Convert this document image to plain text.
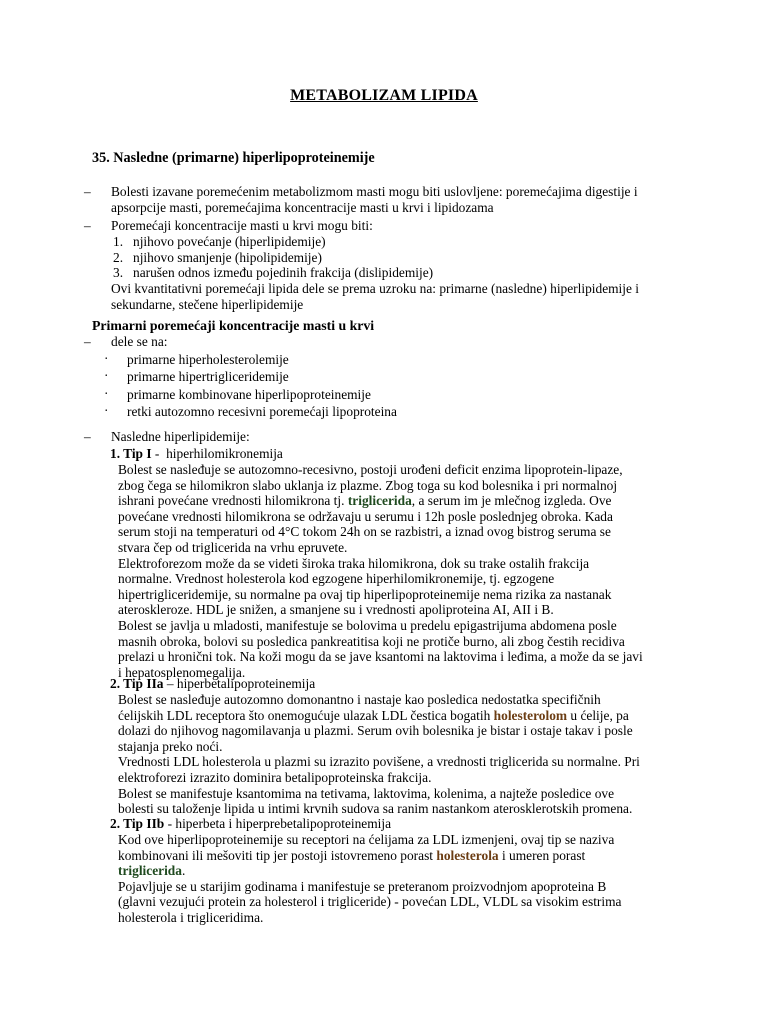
METABOLIZAM LIPIDA
35. Nasledne (primarne) hiperlipoproteinemije
–	Bolesti izavane poremećenim metabolizmom masti mogu biti uslovljene: poremećajima digestije i
apsorpcije masti, poremećajima koncentracije masti u krvi i lipidozama
–	Poremećaji koncentracije masti u krvi mogu biti:
1. njihovo povećanje (hiperlipidemije)
2. njihovo smanjenje (hipolipidemije)
3. narušen odnos između pojedinih frakcija (dislipidemije)
Ovi kvantitativni poremećaji lipida dele se prema uzroku na: primarne (nasledne) hiperlipidemije i
sekundarne, stečene hiperlipidemije
Primarni poremećaji koncentracije masti u krvi
–	dele se na:
· primarne hiperholesterolemije
· primarne hipertrigliceridemije
· primarne kombinovane hiperlipoproteinemije
· retki autozomno recesivni poremećaji lipoproteina
–	Nasledne hiperlipidemije:
1. Tip I -  hiperhilomikronemija
Bolest se nasleđuje se autozomno-recesivno, postoji urođeni deficit enzima lipoprotein-lipaze,
zbog čega se hilomikron slabo uklanja iz plazme. Zbog toga su kod bolesnika i pri normalnoj
ishrani povećane vrednosti hilomikrona tj. triglicerida, a serum im je mlečnog izgleda. Ove
povećane vrednosti hilomikrona se održavaju u serumu i 12h posle poslednjeg obroka. Kada
serum stoji na temperaturi od 4°C tokom 24h on se razbistri, a iznad ovog bistrog seruma se
stvara čep od triglicerida na vrhu epruvete.
Elektroforezom može da se videti široka traka hilomikrona, dok su trake ostalih frakcija
normalne. Vrednost holesterola kod egzogene hiperhilomikronemije, tj. egzogene
hipertrigliceridemije, su normalne pa ovaj tip hiperlipoproteinemije nema rizika za nastanak
ateroskleroze. HDL je snižen, a smanjene su i vrednosti apoliproteina AI, AII i B.
Bolest se javlja u mladosti, manifestuje se bolovima u predelu epigastrijuma abdomena posle
masnih obroka, bolovi su posledica pankreatitisa koji ne protiče burno, ali zbog čestih recidiva
prelazi u hronični tok. Na koži mogu da se jave ksantomi na laktovima i leđima, a može da se javi
i hepatosplenomegalija.
2. Tip IIa – hiperbetalipoproteinemija
Bolest se nasleđuje autozomno domonantno i nastaje kao posledica nedostatka specifičnih
ćelijskih LDL receptora što onemogućuje ulazak LDL čestica bogatih holesterolom u ćelije, pa
dolazi do njihovog nagomilavanja u plazmi. Serum ovih bolesnika je bistar i ostaje takav i posle
stajanja preko noći.
Vrednosti LDL holesterola u plazmi su izrazito povišene, a vrednosti triglicerida su normalne. Pri
elektroforezi izrazito dominira betalipoproteinska frakcija.
Bolest se manifestuje ksantomima na tetivama, laktovima, kolenima, a najteže posledice ove
bolesti su taloženje lipida u intimi krvnih sudova sa ranim nastankom aterosklerotskih promena.
2. Tip IIb - hiperbeta i hiperprebetalipoproteinemija
Kod ove hiperlipoproteinemije su receptori na ćelijama za LDL izmenjeni, ovaj tip se naziva
kombinovani ili mešoviti tip jer postoji istovremeno porast holesterola i umeren porast
triglicerida.
Pojavljuje se u starijim godinama i manifestuje se preteranom proizvodnjom apoproteina B
(glavni vezujući protein za holesterol i trigliceride) - povećan LDL, VLDL sa visokim estrima
holesterola i trigliceridima.
